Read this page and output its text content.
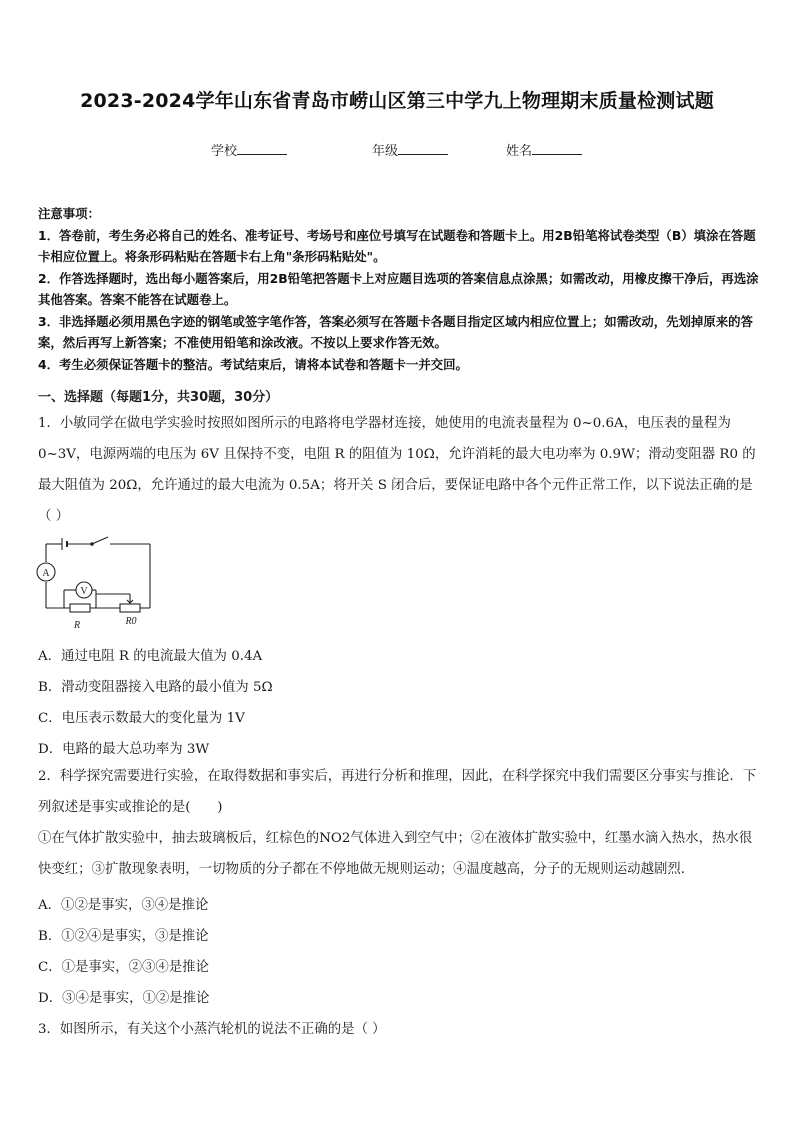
2023-2024学年山东省青岛市崂山区第三中学九上物理期末质量检测试题
学校	年级	姓名

注意事项：

1．答卷前，考生务必将自己的姓名、准考证号、考场号和座位号填写在试题卷和答题卡上。用2B铅笔将试卷类型（B）填涂在答题卡相应位置上。将条形码粘贴在答题卡右上角"条形码粘贴处"。

2．作答选择题时，选出每小题答案后，用2B铅笔把答题卡上对应题目选项的答案信息点涂黑；如需改动，用橡皮擦干净后，再选涂其他答案。答案不能答在试题卷上。

3．非选择题必须用黑色字迹的钢笔或签字笔作答，答案必须写在答题卡各题目指定区域内相应位置上；如需改动，先划掉原来的答案，然后再写上新答案；不准使用铅笔和涂改液。不按以上要求作答无效。

4．考生必须保证答题卡的整洁。考试结束后，请将本试卷和答题卡一并交回。

一、选择题（每题1分，共30题，30分）

1．小敏同学在做电学实验时按照如图所示的电路将电学器材连接，她使用的电流表量程为 0~0.6A，电压表的量程为 0~3V，电源两端的电压为 6V 且保持不变，电阻 R 的阻值为 10Ω，允许消耗的最大电功率为 0.9W；滑动变阻器 R0 的最大阻值为 20Ω，允许通过的最大电流为 0.5A；将开关 S 闭合后，要保证电路中各个元件正常工作，以下说法正确的是（ ）

A
V
R	R0
A．通过电阻 R 的电流最大值为 0.4A
B．滑动变阻器接入电路的最小值为 5Ω
C．电压表示数最大的变化量为 1V
D．电路的最大总功率为 3W

2．科学探究需要进行实验，在取得数据和事实后，再进行分析和推理，因此，在科学探究中我们需要区分事实与推论．下列叙述是事实或推论的是(　　)

①在气体扩散实验中，抽去玻璃板后，红棕色的NO2气体进入到空气中；②在液体扩散实验中，红墨水滴入热水，热水很快变红；③扩散现象表明，一切物质的分子都在不停地做无规则运动；④温度越高，分子的无规则运动越剧烈．

A．①②是事实，③④是推论
B．①②④是事实，③是推论
C．①是事实，②③④是推论
D．③④是事实，①②是推论
3．如图所示，有关这个小蒸汽轮机的说法不正确的是（ ）
